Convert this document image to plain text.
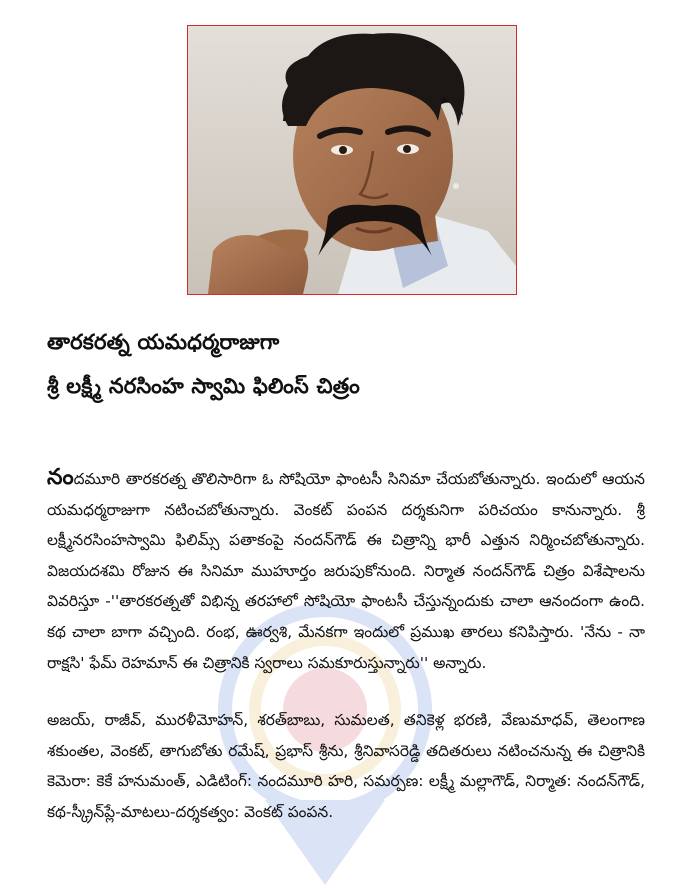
తారకరత్న యమధర్మరాజుగా
శ్రీ లక్ష్మీ నరసింహ స్వామి ఫిలింస్ చిత్రం

నందమూరి తారకరత్న తొలిసారిగా ఓ సోషియో ఫాంటసీ సినిమా చేయబోతున్నారు. ఇందులో ఆయన యమధర్మరాజుగా నటించబోతున్నారు. వెంకట్ పంపన దర్శకునిగా పరిచయం కానున్నారు. శ్రీ లక్ష్మీనరసింహస్వామి ఫిలిమ్స్ పతాకంపై నందన్‌గౌడ్ ఈ చిత్రాన్ని భారీ ఎత్తున నిర్మించబోతున్నారు. విజయదశమి రోజున ఈ సినిమా ముహూర్తం జరుపుకోనుంది. నిర్మాత నందన్‌గౌడ్ చిత్రం విశేషాలను వివరిస్తూ -''తారకరత్నతో విభిన్న తరహాలో సోషియో ఫాంటసీ చేస్తున్నందుకు చాలా ఆనందంగా ఉంది. కథ చాలా బాగా వచ్చింది. రంభ, ఊర్వశి, మేనకగా ఇందులో ప్రముఖ తారలు కనిపిస్తారు. 'నేను - నా రాక్షసి' ఫేమ్ రెహమాన్ ఈ చిత్రానికి స్వరాలు సమకూరుస్తున్నారు'' అన్నారు.

అజయ్, రాజీవ్, మురళీమోహన్, శరత్‌బాబు, సుమలత, తనికెళ్ల భరణి, వేణుమాధవ్, తెలంగాణ శకుంతల, వెంకట్, తాగుబోతు రమేష్, ప్రభాస్ శ్రీను, శ్రీనివాసరెడ్డి తదితరులు నటించనున్న ఈ చిత్రానికి కెమెరా: కెకే హనుమంత్, ఎడిటింగ్: నందమూరి హరి, సమర్పణ: లక్ష్మీ మల్లాగౌడ్, నిర్మాత: నందన్‌గౌడ్, కథ-స్క్రీన్‌ప్లే-మాటలు-దర్శకత్వం: వెంకట్ పంపన.
